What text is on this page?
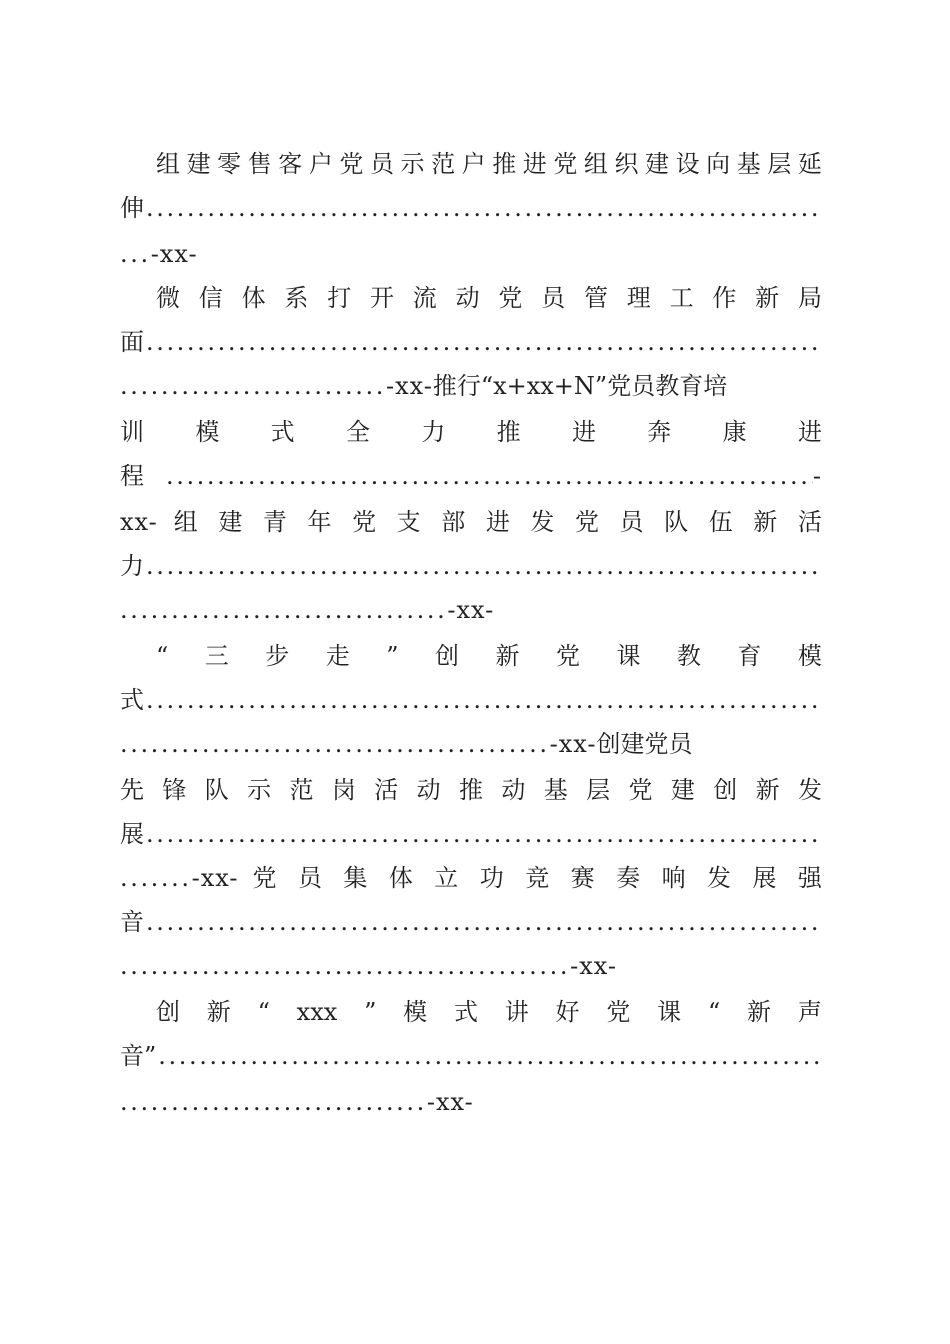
组 建 零 售 客 户 党 员 示 范 户 推 进 党 组 织 建 设 向 基 层 延
伸
.....
...-xx-
微 信 体 系 打 开 流 动 党 员 管 理 工 作 新 局
面
.....
..........................-xx-推行“x+xx+N”党员教育培
训 模 式 全 力 推 进 奔 康 进
程
.....	-
xx- 组 建 青 年 党 支 部 进 发 党 员 队 伍 新 活
力
.....
................................-xx-
“ 三 步 走 ” 创 新 党 课 教 育 模
式
.....
..........................................-xx-创建党员
先 锋 队 示 范 岗 活 动 推 动 基 层 党 建 创 新 发
展
.....
....... -xx- 党 员 集 体 立 功 竞 赛 奏 响 发 展 强
音
.....
............................................-xx-
创 新 “ xxx ” 模 式 讲 好 党 课 “ 新 声
音”
.....
..............................-xx-
